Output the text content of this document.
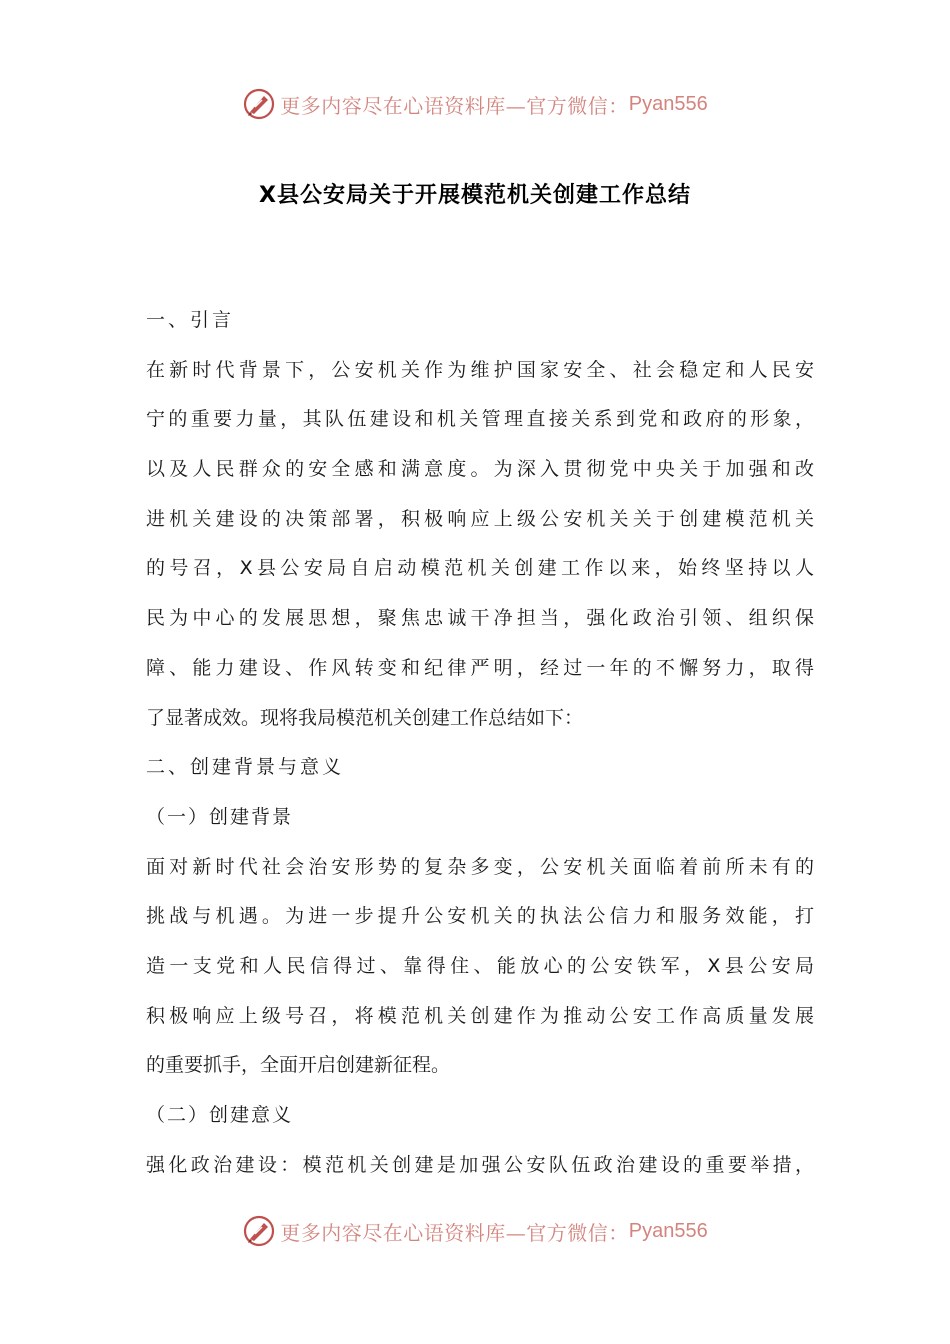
更多内容尽在心语资料库—官方微信： Pyan556
X县公安局关于开展模范机关创建工作总结
一、引言
在新时代背景下，公安机关作为维护国家安全、社会稳定和人民安
宁的重要力量，其队伍建设和机关管理直接关系到党和政府的形象，
以及人民群众的安全感和满意度。为深入贯彻党中央关于加强和改
进机关建设的决策部署，积极响应上级公安机关关于创建模范机关
的号召，X县公安局自启动模范机关创建工作以来，始终坚持以人
民为中心的发展思想，聚焦忠诚干净担当，强化政治引领、组织保
障、能力建设、作风转变和纪律严明，经过一年的不懈努力，取得
了显著成效。现将我局模范机关创建工作总结如下：
二、创建背景与意义
（一）创建背景
面对新时代社会治安形势的复杂多变，公安机关面临着前所未有的
挑战与机遇。为进一步提升公安机关的执法公信力和服务效能，打
造一支党和人民信得过、靠得住、能放心的公安铁军，X县公安局
积极响应上级号召，将模范机关创建作为推动公安工作高质量发展
的重要抓手，全面开启创建新征程。
（二）创建意义
强化政治建设：模范机关创建是加强公安队伍政治建设的重要举措，
更多内容尽在心语资料库—官方微信： Pyan556
